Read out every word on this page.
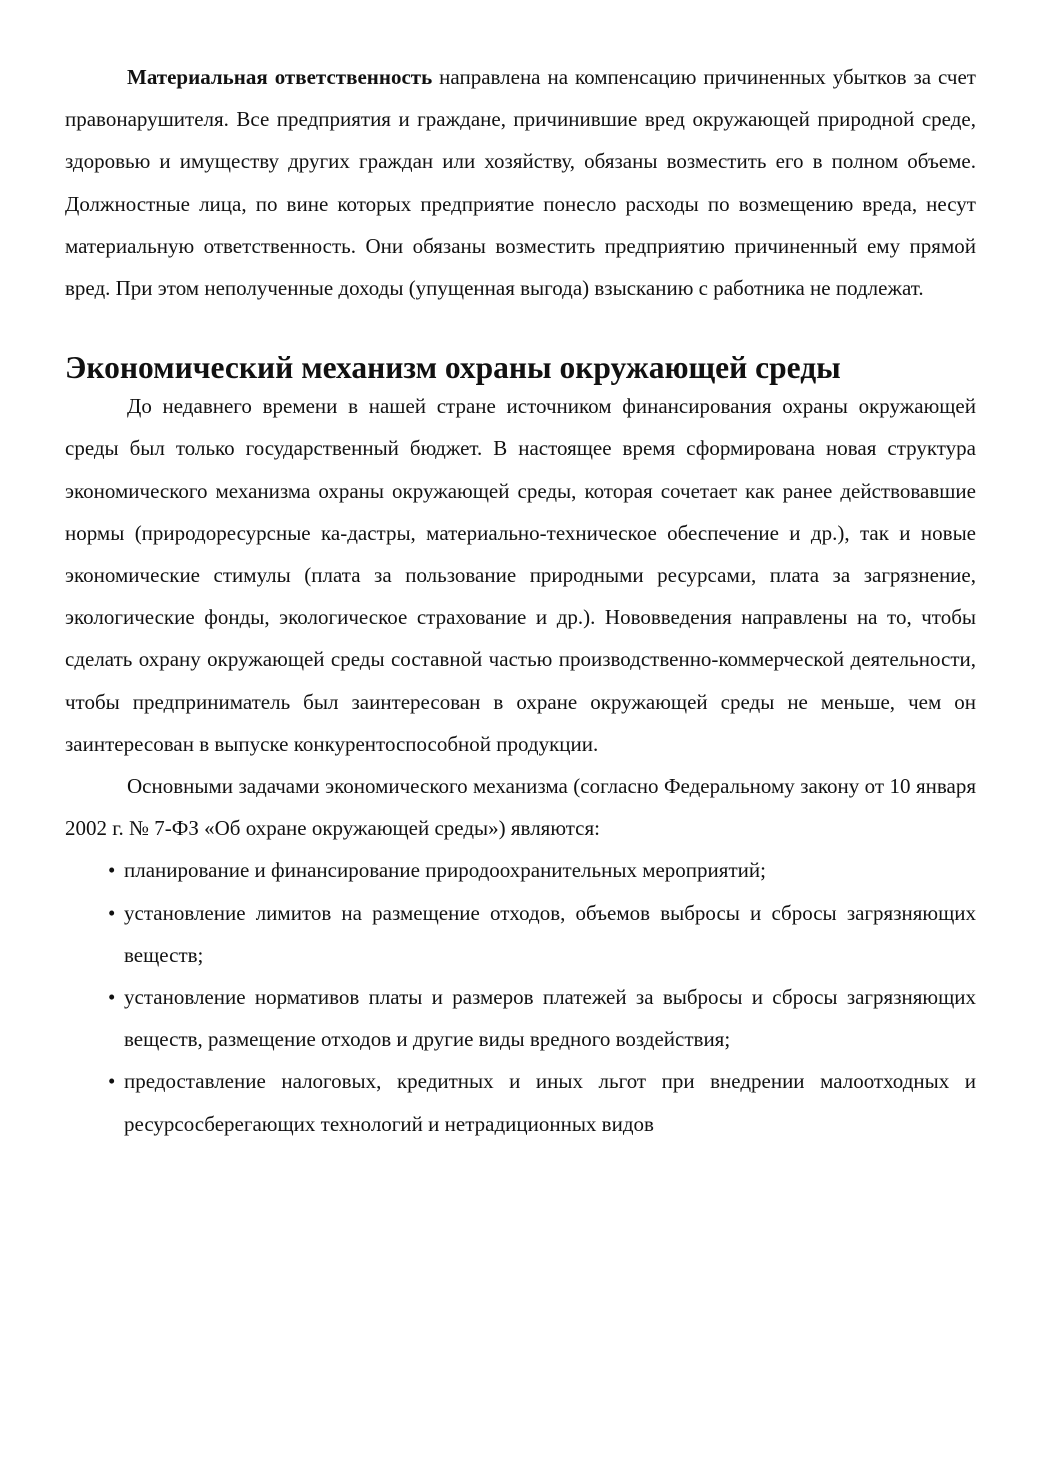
Материальная ответственность направлена на компенсацию причиненных убытков за счет правонарушителя. Все предприятия и граждане, причинившие вред окружающей природной среде, здоровью и имуществу других граждан или хозяйству, обязаны возместить его в полном объеме. Должностные лица, по вине которых предприятие понесло расходы по возмещению вреда, несут материальную ответственность. Они обязаны возместить предприятию причиненный ему прямой вред. При этом неполученные доходы (упущенная выгода) взысканию с работника не подлежат.

Экономический механизм охраны окружающей среды

До недавнего времени в нашей стране источником финансирования охраны окружающей среды был только государственный бюджет. В настоящее время сформирована новая структура экономического механизма охраны окружающей среды, которая сочетает как ранее действовавшие нормы (природоресурсные ка-дастры, материально-техническое обеспечение и др.), так и новые экономические стимулы (плата за пользование природными ресурсами, плата за загрязнение, экологические фонды, экологическое страхование и др.). Нововведения направлены на то, чтобы сделать охрану окружающей среды составной частью производственно-коммерческой деятельности, чтобы предприниматель был заинтересован в охране окружающей среды не меньше, чем он заинтересован в выпуске конкурентоспособной продукции.

Основными задачами экономического механизма (согласно Федеральному закону от 10 января 2002 г. № 7-ФЗ «Об охране окружающей среды») являются:

• планирование и финансирование природоохранительных мероприятий;
• установление лимитов на размещение отходов, объемов выбросы и сбросы загрязняющих веществ;
• установление нормативов платы и размеров платежей за выбросы и сбросы загрязняющих веществ, размещение отходов и другие виды вредного воздействия;
• предоставление налоговых, кредитных и иных льгот при внедрении малоотходных и ресурсосберегающих технологий и нетрадиционных видов
